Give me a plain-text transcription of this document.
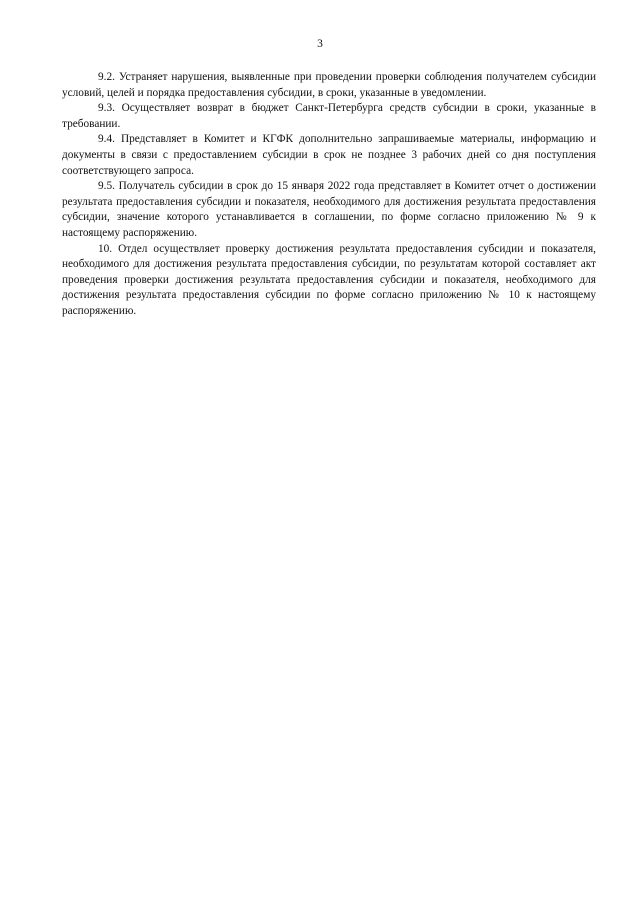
3

9.2. Устраняет нарушения, выявленные при проведении проверки соблюдения получателем субсидии условий, целей и порядка предоставления субсидии, в сроки, указанные в уведомлении.

9.3. Осуществляет возврат в бюджет Санкт-Петербурга средств субсидии в сроки, указанные в требовании.

9.4. Представляет в Комитет и КГФК дополнительно запрашиваемые материалы, информацию и документы в связи с предоставлением субсидии в срок не позднее 3 рабочих дней со дня поступления соответствующего запроса.

9.5. Получатель субсидии в срок до 15 января 2022 года представляет в Комитет отчет о достижении результата предоставления субсидии и показателя, необходимого для достижения результата предоставления субсидии, значение которого устанавливается в соглашении, по форме согласно приложению № 9 к настоящему распоряжению.

10. Отдел осуществляет проверку достижения результата предоставления субсидии и показателя, необходимого для достижения результата предоставления субсидии, по результатам которой составляет акт проведения проверки достижения результата предоставления субсидии и показателя, необходимого для достижения результата предоставления субсидии по форме согласно приложению № 10 к настоящему распоряжению.
